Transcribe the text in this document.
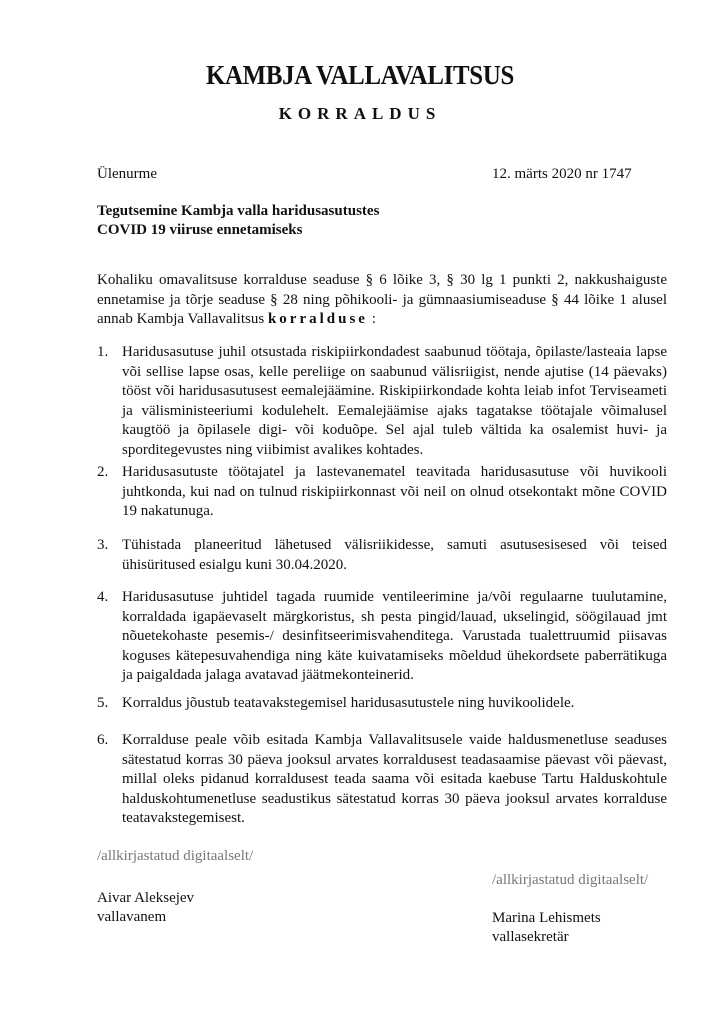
KAMBJA VALLAVALITSUS
KORRALDUS
Ülenurme	12. märts 2020 nr 1747
Tegutsemine Kambja valla haridusasutustes
COVID 19 viiruse ennetamiseks
Kohaliku omavalitsuse korralduse seaduse § 6 lõike 3, § 30 lg 1 punkti 2, nakkushaiguste ennetamise ja tõrje seaduse § 28 ning põhikooli- ja gümnaasiumiseaduse § 44 lõike 1 alusel annab Kambja Vallavalitsus korralduse :
1. Haridusasutuse juhil otsustada riskipiirkondadest saabunud töötaja, õpilaste/lasteaia lapse või sellise lapse osas, kelle pereliige on saabunud välisriigist, nende ajutise (14 päevaks) tööst või haridusasutusest eemalejäämine. Riskipiirkondade kohta leiab infot Terviseameti ja välisministeeriumi kodulehelt. Eemalejäämise ajaks tagatakse töötajale võimalusel kaugtöö ja õpilasele digi- või koduõpe. Sel ajal tuleb vältida ka osalemist huvi- ja sporditegevustes ning viibimist avalikes kohtades.
2. Haridusasutuste töötajatel ja lastevanematel teavitada haridusasutuse või huvikooli juhtkonda, kui nad on tulnud riskipiirkonnast või neil on olnud otsekontakt mõne COVID 19 nakatunuga.
3. Tühistada planeeritud lähetused välisriikidesse, samuti asutusesisesed või teised ühisüritused esialgu kuni 30.04.2020.
4. Haridusasutuse juhtidel tagada ruumide ventileerimine ja/või regulaarne tuulutamine, korraldada igapäevaselt märgkoristus, sh pesta pingid/lauad, ukselingid, söögilauad jmt nõuetekohaste pesemis-/ desinfitseerimisvahenditega. Varustada tualettruumid piisavas koguses kätepesuvahendiga ning käte kuivatamiseks mõeldud ühekordsete paberrätikuga ja paigaldada jalaga avatavad jäätmekonteinerid.
5. Korraldus jõustub teatavakstegemisel haridusasutustele ning huvikoolidele.
6. Korralduse peale võib esitada Kambja Vallavalitsusele vaide haldusmenetluse seaduses sätestatud korras 30 päeva jooksul arvates korraldusest teadasaamise päevast või päevast, millal oleks pidanud korraldusest teada saama või esitada kaebuse Tartu Halduskohtule halduskohtumenetluse seadustikus sätestatud korras 30 päeva jooksul arvates korralduse teatavakstegemisest.
/allkirjastatud digitaalselt/
Aivar Aleksejev
vallavanem
/allkirjastatud digitaalselt/
Marina Lehismets
vallasekretär
